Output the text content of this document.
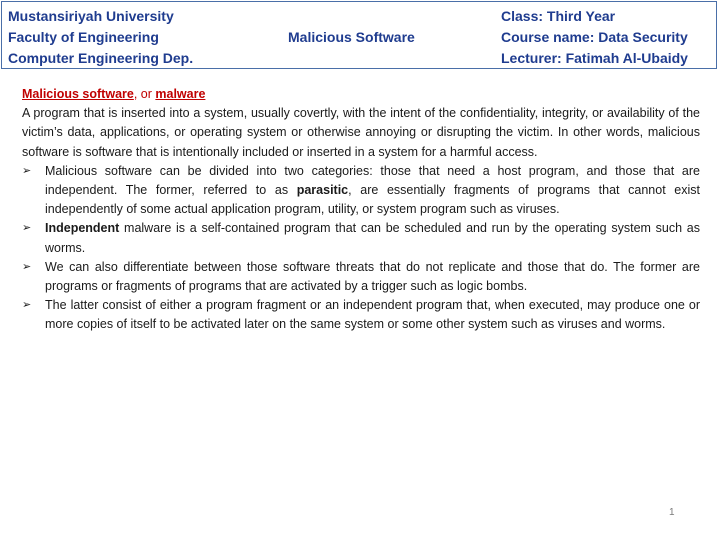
Mustansiriyah University
Faculty of Engineering
Computer Engineering Dep.
Malicious Software
Class: Third Year
Course name: Data Security
Lecturer: Fatimah Al-Ubaidy

Malicious software, or malware

A program that is inserted into a system, usually covertly, with the intent of the confidentiality, integrity, or availability of the victim’s data, applications, or operating system or otherwise annoying or disrupting the victim. In other words, malicious software is software that is intentionally included or inserted in a system for a harmful access.

➢ Malicious software can be divided into two categories: those that need a host program, and those that are independent. The former, referred to as parasitic, are essentially fragments of programs that cannot exist independently of some actual application program, utility, or system program such as viruses.
➢ Independent malware is a self-contained program that can be scheduled and run by the operating system such as worms.
➢ We can also differentiate between those software threats that do not replicate and those that do. The former are programs or fragments of programs that are activated by a trigger such as logic bombs.
➢ The latter consist of either a program fragment or an independent program that, when executed, may produce one or more copies of itself to be activated later on the same system or some other system such as viruses and worms.
1
